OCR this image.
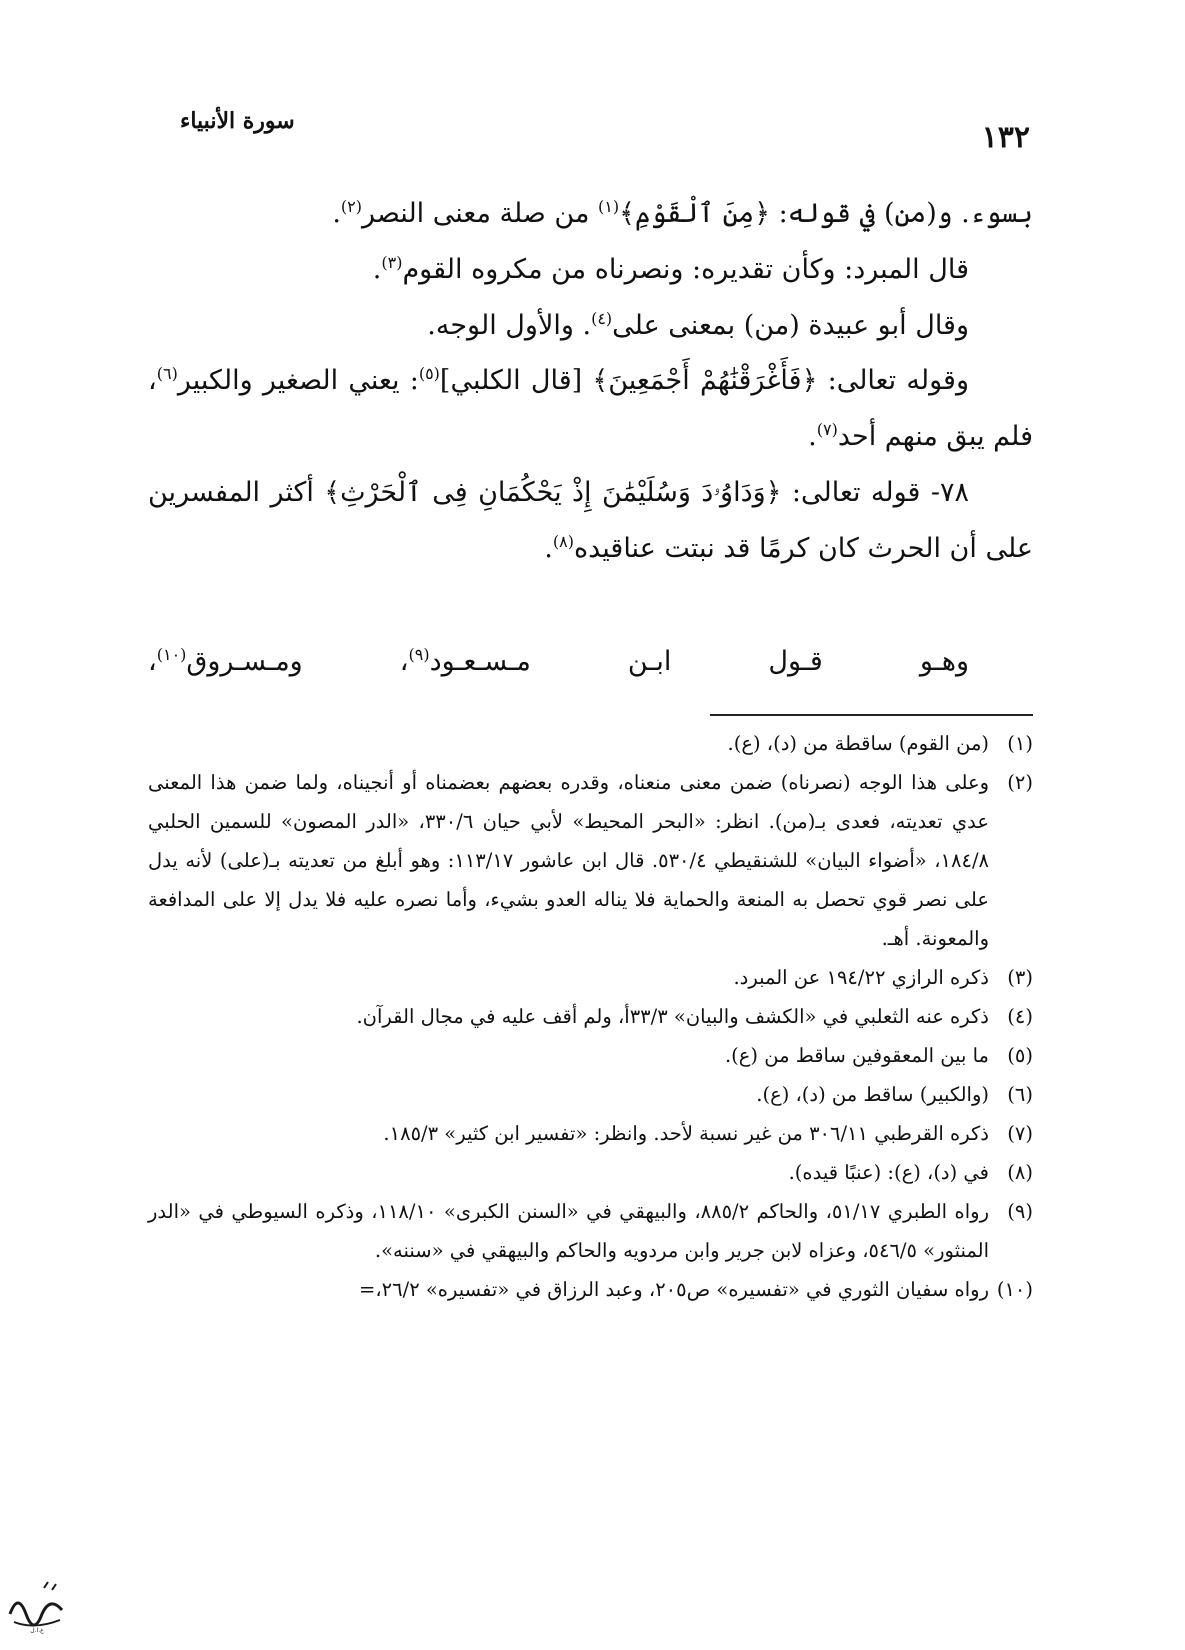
١٣٢
سورة الأنبياء

بسوء. و(من) في قوله: ﴿مِنَ ٱلْقَوْمِ﴾$^{(١)}$ من صلة معنى النصر$^{(٢)}$.

قال المبرد: وكأن تقديره: ونصرناه من مكروه القوم$^{(٣)}$.

وقال أبو عبيدة (من) بمعنى على$^{(٤)}$. والأول الوجه.

وقوله تعالى: ﴿فَأَغْرَقْنَٰهُمْ أَجْمَعِينَ﴾ [قال الكلبي]$^{(٥)}$: يعني الصغير والكبير$^{(٦)}$، فلم يبق منهم أحد$^{(٧)}$.

٧٨- قوله تعالى: ﴿وَدَاوُۥدَ وَسُلَيْمَٰنَ إِذْ يَحْكُمَانِ فِى ٱلْحَرْثِ﴾ أكثر المفسرين على أن الحرث كان كرمًا قد نبتت عناقيده$^{(٨)}$.

وهـو
قـول
ابـن
مـسـعـود$^{(٩)}$،
ومـسـروق$^{(١٠)}$،
(١)
(من القوم) ساقطة من (د)، (ع).
(٢)
وعلى هذا الوجه (نصرناه) ضمن معنى منعناه، وقدره بعضهم بعضمناه أو أنجيناه، ولما ضمن هذا المعنى عدي تعديته، فعدى بـ(من). انظر: «البحر المحيط» لأبي حيان ٣٣٠/٦، «الدر المصون» للسمين الحلبي ١٨٤/٨، «أضواء البيان» للشنقيطي ٥٣٠/٤. قال ابن عاشور ١١٣/١٧: وهو أبلغ من تعديته بـ(على) لأنه يدل على نصر قوي تحصل به المنعة والحماية فلا يناله العدو بشيء، وأما نصره عليه فلا يدل إلا على المدافعة والمعونة. أهـ.
(٣)
ذكره الرازي ١٩٤/٢٢ عن المبرد.
(٤)
ذكره عنه الثعلبي في «الكشف والبيان» ٣٣/٣أ، ولم أقف عليه في مجال القرآن.
(٥)
ما بين المعقوفين ساقط من (ع).
(٦)
(والكبير) ساقط من (د)، (ع).
(٧)
ذكره القرطبي ٣٠٦/١١ من غير نسبة لأحد. وانظر: «تفسير ابن كثير» ١٨٥/٣.
(٨)
في (د)، (ع): (عنبًا قيده).
(٩)
رواه الطبري ٥١/١٧، والحاكم ٨٨٥/٢، والبيهقي في «السنن الكبرى» ١١٨/١٠، وذكره السيوطي في «الدر المنثور» ٥٤٦/٥، وعزاه لابن جرير وابن مردويه والحاكم والبيهقي في «سننه».
(١٠)
رواه سفيان الثوري في «تفسيره» ص٢٠٥، وعبد الرزاق في «تفسيره» ٢٦/٢،=
غ.ا.ل
